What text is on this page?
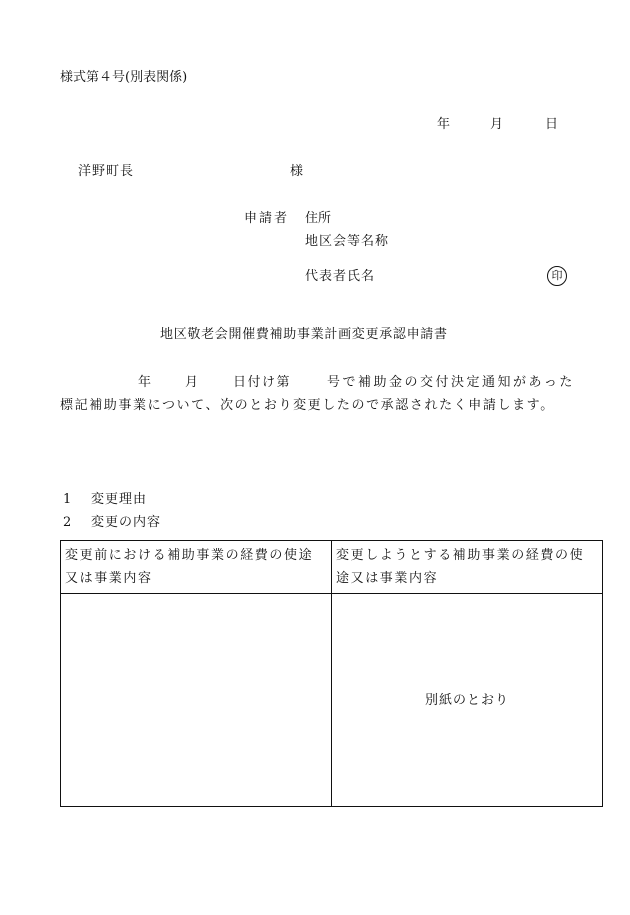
様式第４号(別表関係)
年	月	日
洋野町長	様
申請者 住所
地区会等名称
代表者氏名	印
地区敬老会開催費補助事業計画変更承認申請書
年	月	日付け第	号で補助金の交付決定通知があった
標記補助事業について、次のとおり変更したので承認されたく申請します。
1 変更理由
2 変更の内容
変更前における補助事業の経費の使途又は事業内容	変更しようとする補助事業の経費の使途又は事業内容
	別紙のとおり
